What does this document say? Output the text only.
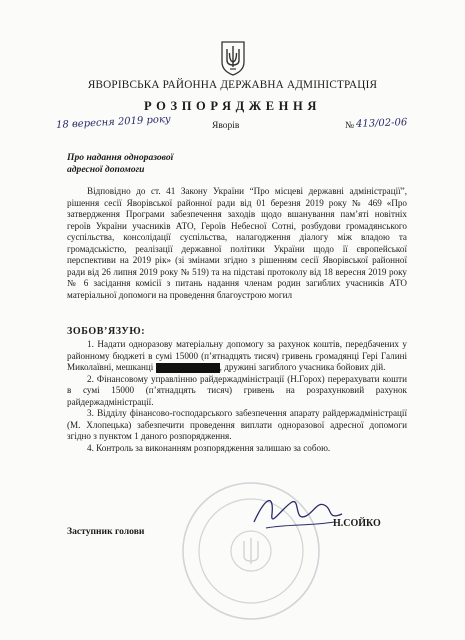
ЯВОРІВСЬКА РАЙОННА ДЕРЖАВНА АДМІНІСТРАЦІЯ
РОЗПОРЯДЖЕННЯ
18 вересня 2019 року	Яворів	№ 413/02-06
Про надання одноразової
адресної допомоги

Відповідно до ст. 41 Закону України “Про місцеві державні адміністрації”, рішення сесії Яворівської районної ради від 01 березня 2019 року № 469 «Про затвердження Програми забезпечення заходів щодо вшанування пам’яті новітніх героїв України учасників АТО, Героїв Небесної Сотні, розбудови громадянського суспільства, консолідації суспільства, налагодження діалогу між владою та громадськістю, реалізації державної політики України щодо її європейської перспективи на 2019 рік» (зі змінами згідно з рішенням сесії Яворівської районної ради від 26 липня 2019 року № 519) та на підставі протоколу від 18 вересня 2019 року № 6 засідання комісії з питань надання членам родин загиблих учасників АТО матеріальної допомоги на проведення благоустрою могил

ЗОБОВ’ЯЗУЮ:

1. Надати одноразову матеріальну допомогу за рахунок коштів, передбачених у районному бюджеті в сумі 15000 (п’ятнадцять тисяч) гривень громадянці Гері Галині Миколаївні, мешканці	, дружині загиблого учасника бойових дій.

2. Фінансовому управлінню райдержадміністрації (Н.Горох) перерахувати кошти в сумі 15000 (п’ятнадцять тисяч) гривень на розрахунковий рахунок райдержадміністрації.

3. Відділу фінансово-господарського забезпечення апарату райдержадміністрації (М. Хлопецька) забезпечити проведення виплати одноразової адресної допомоги згідно з пунктом 1 даного розпорядження.

4. Контроль за виконанням розпорядження залишаю за собою.

Заступник голови
Н.СОЙКО
